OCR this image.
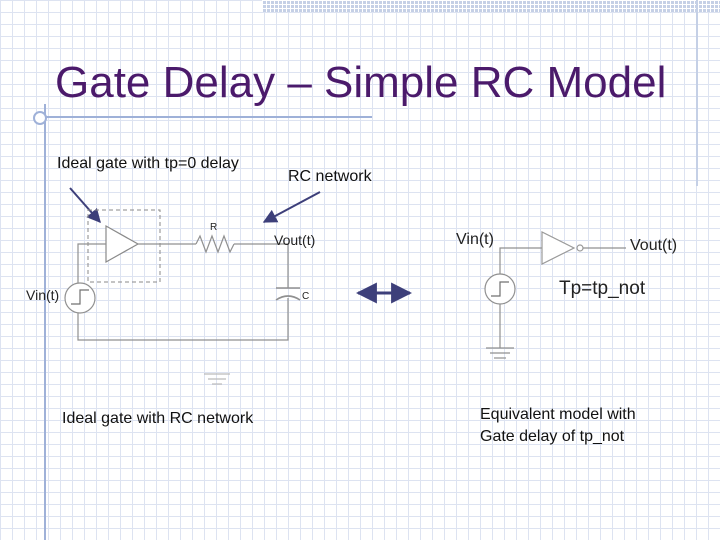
Gate Delay – Simple RC Model

Ideal gate with tp=0 delay

RC network

Ideal gate with RC network	Equivalent model with
Gate delay of tp_not

R
Vout(t)
C
Vin(t)
Vin(t)	Vout(t)
Tp=tp_not
